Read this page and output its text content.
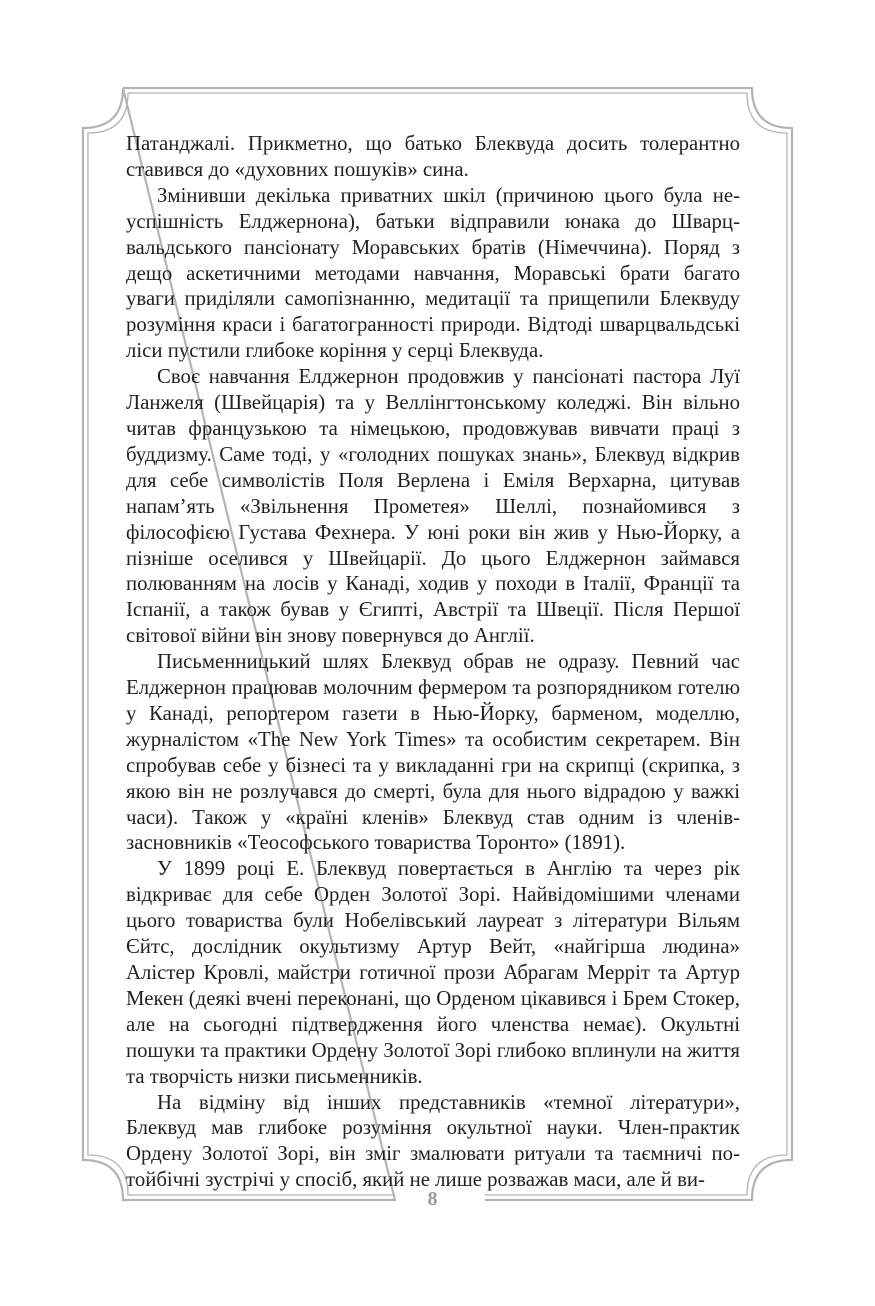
Патанджалі. Прикметно, що батько Блеквуда досить толерантно ставився до «духовних пошуків» сина.

Змінивши декілька приватних шкіл (причиною цього була неуспішність Елджернона), батьки відправили юнака до Шварцвальдського пансіонату Моравських братів (Німеччина). Поряд з дещо аскетичними методами навчання, Моравські брати багато уваги приділяли самопізнанню, медитації та прищепили Блеквуду розуміння краси і багатогранності природи. Відтоді шварцвальдські ліси пустили глибоке коріння у серці Блеквуда.

Своє навчання Елджернон продовжив у пансіонаті пастора Луї Ланжеля (Швейцарія) та у Веллінгтонському коледжі. Він вільно читав французькою та німецькою, продовжував вивчати праці з буддизму. Саме тоді, у «голодних пошуках знань», Блеквуд відкрив для себе символістів Поля Верлена і Еміля Верхарна, цитував напам’ять «Звільнення Прометея» Шеллі, познайомився з філософією Густава Фехнера. У юні роки він жив у Нью-Йорку, а пізніше оселився у Швейцарії. До цього Елджернон займався полюванням на лосів у Канаді, ходив у походи в Італії, Франції та Іспанії, а також бував у Єгипті, Австрії та Швеції. Після Першої світової війни він знову повернувся до Англії.

Письменницький шлях Блеквуд обрав не одразу. Певний час Елджернон працював молочним фермером та розпорядником готелю у Канаді, репортером газети в Нью-Йорку, барменом, моделлю, журналістом «The New York Times» та особистим секретарем. Він спробував себе у бізнесі та у викладанні гри на скрипці (скрипка, з якою він не розлучався до смерті, була для нього відрадою у важкі часи). Також у «країні кленів» Блеквуд став одним із членів-засновників «Теософського товариства Торонто» (1891).

У 1899 році Е. Блеквуд повертається в Англію та через рік відкриває для себе Орден Золотої Зорі. Найвідомішими членами цього товариства були Нобелівський лауреат з літератури Вільям Єйтс, дослідник окультизму Артур Вейт, «найгірша людина» Алістер Кровлі, майстри готичної прози Абрагам Меррiт та Артур Мекен (деякі вчені переконані, що Орденом цікавився і Брем Стокер, але на сьогодні підтвердження його членства немає). Окультні пошуки та практики Ордену Золотої Зорі глибоко вплинули на життя та творчість низки письменників.

На відміну від інших представників «темної літератури», Блеквуд мав глибоке розуміння окультної науки. Член-практик Ордену Золотої Зорі, він зміг змалювати ритуали та таємничі потойбічні зустрічі у спосіб, який не лише розважав маси, але й ви-

8
